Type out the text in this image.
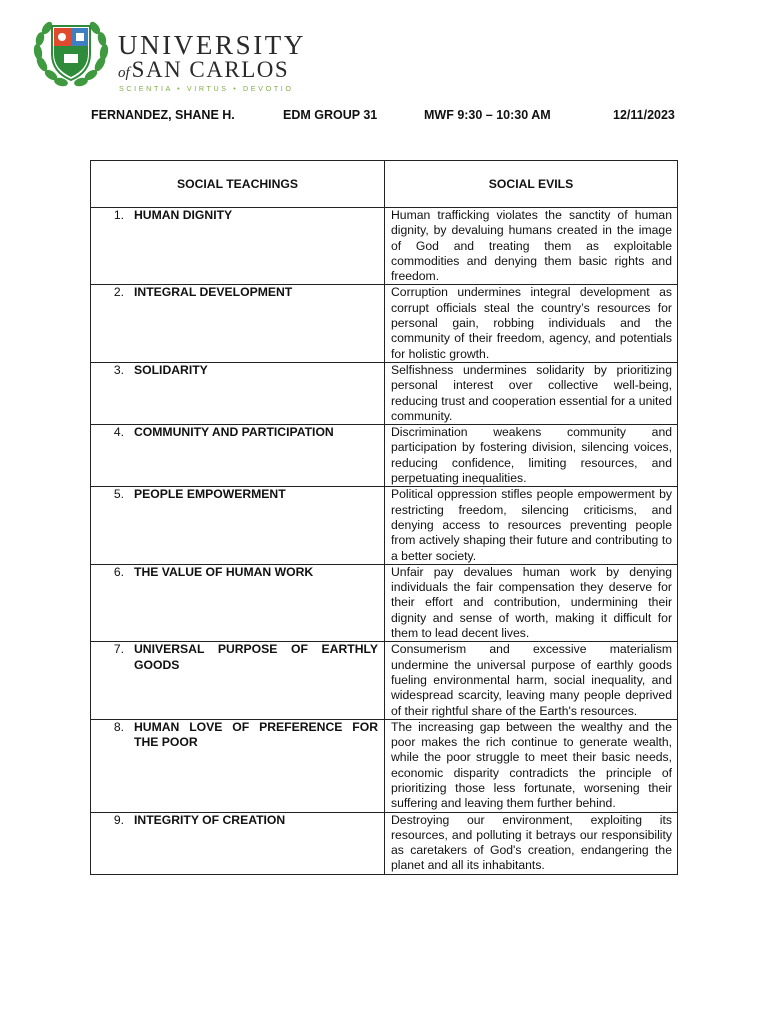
UNIVERSITY
ofSAN CARLOS
SCIENTIA • VIRTUS • DEVOTIO
FERNANDEZ, SHANE H.	EDM GROUP 31	MWF 9:30 – 10:30 AM	12/11/2023
SOCIAL TEACHINGS	SOCIAL EVILS

1. HUMAN DIGNITY	Human trafficking violates the sanctity of human dignity, by devaluing humans created in the image of God and treating them as exploitable commodities and denying them basic rights and freedom.

2. INTEGRAL DEVELOPMENT	Corruption undermines integral development as corrupt officials steal the country’s resources for personal gain, robbing individuals and the community of their freedom, agency, and potentials for holistic growth.

3. SOLIDARITY	Selfishness undermines solidarity by prioritizing personal interest over collective well-being, reducing trust and cooperation essential for a united community.

4. COMMUNITY AND PARTICIPATION	Discrimination weakens community and participation by fostering division, silencing voices, reducing confidence, limiting resources, and perpetuating inequalities.

5. PEOPLE EMPOWERMENT	Political oppression stifles people empowerment by restricting freedom, silencing criticisms, and denying access to resources preventing people from actively shaping their future and contributing to a better society.

6. THE VALUE OF HUMAN WORK	Unfair pay devalues human work by denying individuals the fair compensation they deserve for their effort and contribution, undermining their dignity and sense of worth, making it difficult for them to lead decent lives.

7. UNIVERSAL PURPOSE OF EARTHLY GOODS	Consumerism and excessive materialism undermine the universal purpose of earthly goods fueling environmental harm, social inequality, and widespread scarcity, leaving many people deprived of their rightful share of the Earth's resources.

8. HUMAN LOVE OF PREFERENCE FOR THE POOR	The increasing gap between the wealthy and the poor makes the rich continue to generate wealth, while the poor struggle to meet their basic needs, economic disparity contradicts the principle of prioritizing those less fortunate, worsening their suffering and leaving them further behind.

9. INTEGRITY OF CREATION	Destroying our environment, exploiting its resources, and polluting it betrays our responsibility as caretakers of God's creation, endangering the planet and all its inhabitants.
